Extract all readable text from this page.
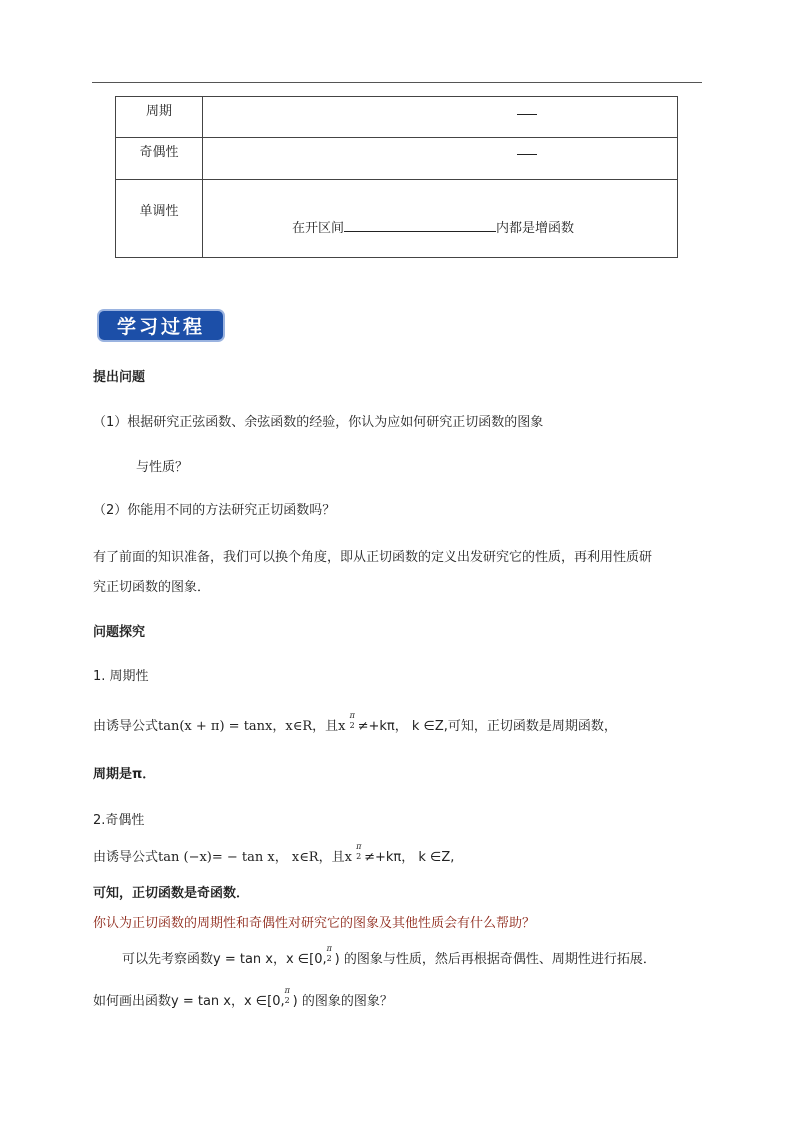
周期	

奇偶性	

单调性	在开区间 内都是增函数
学习过程
提出问题
（1）根据研究正弦函数、余弦函数的经验，你认为应如何研究正切函数的图象
与性质？
（2）你能用不同的方法研究正切函数吗？
有了前面的知识准备，我们可以换个角度，即从正切函数的定义出发研究它的性质，再利用性质研
究正切函数的图象．
问题探究
1. 周期性
由诱导公式tan(x + π) = tanx，x∈R，且x
π
2 ≠+kπ， k ∈Z,可知，正切函数是周期函数，
周期是π．
2.奇偶性
由诱导公式tan (−x)= − tan x， x∈R，且x
π
2 ≠+kπ， k ∈Z,
可知，正切函数是奇函数．
你认为正切函数的周期性和奇偶性对研究它的图象及其他性质会有什么帮助？
可以先考察函数y = tan x，x ∈[0,
π
2 ) 的图象与性质，然后再根据奇偶性、周期性进行拓展．
如何画出函数y = tan x，x ∈[0,
π
2 ) 的图象的图象？
